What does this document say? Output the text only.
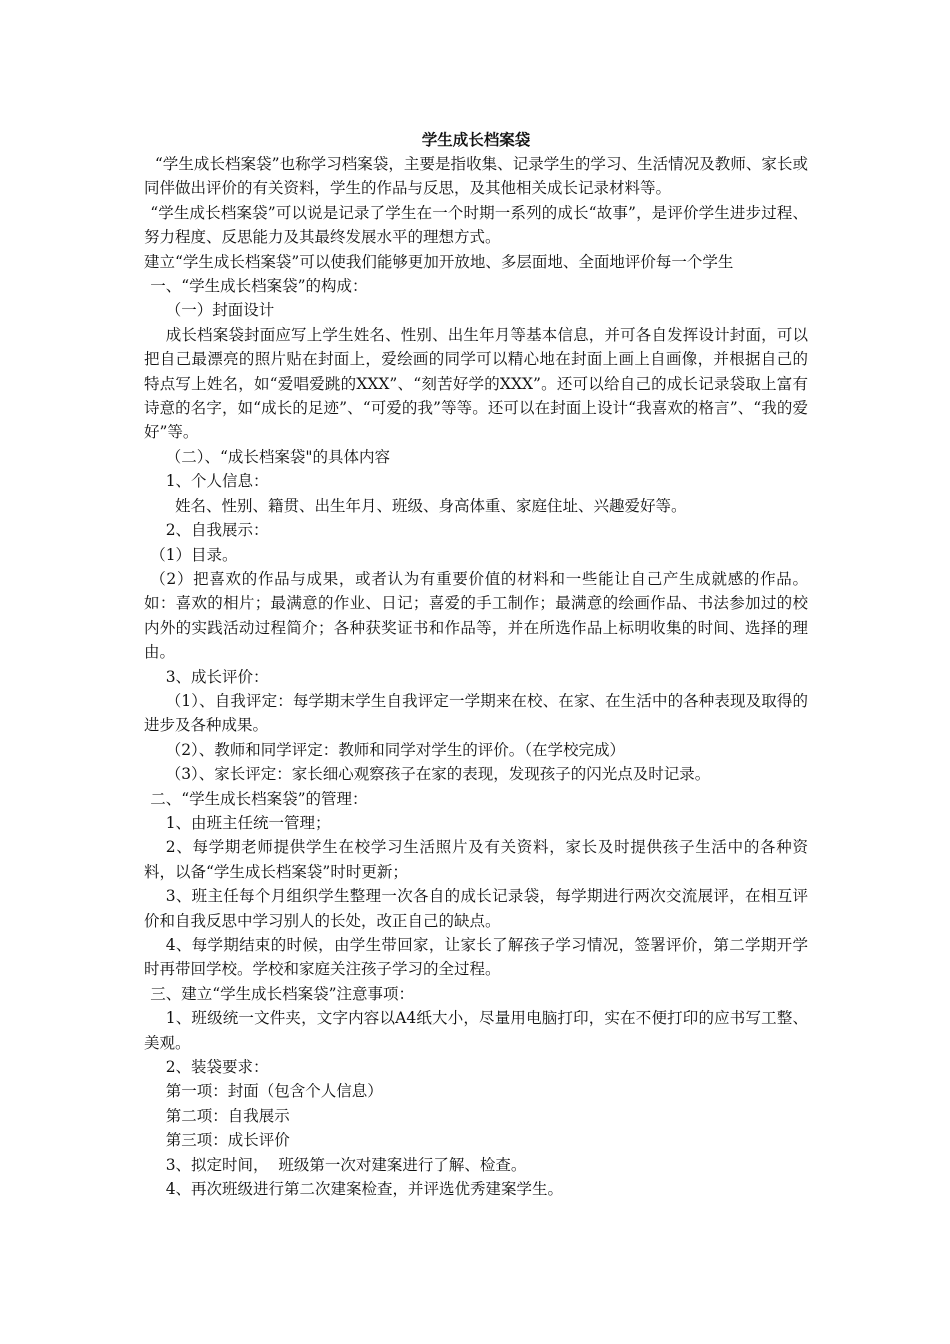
学生成长档案袋

“学生成长档案袋”也称学习档案袋，主要是指收集、记录学生的学习、生活情况及教师、家长或同伴做出评价的有关资料，学生的作品与反思，及其他相关成长记录材料等。

“学生成长档案袋”可以说是记录了学生在一个时期一系列的成长“故事”，是评价学生进步过程、努力程度、反思能力及其最终发展水平的理想方式。

建立“学生成长档案袋”可以使我们能够更加开放地、多层面地、全面地评价每一个学生

一、“学生成长档案袋”的构成：

（一）封面设计

成长档案袋封面应写上学生姓名、性别、出生年月等基本信息，并可各自发挥设计封面，可以把自己最漂亮的照片贴在封面上，爱绘画的同学可以精心地在封面上画上自画像，并根据自己的特点写上姓名，如“爱唱爱跳的XXX”、“刻苦好学的XXX”。还可以给自己的成长记录袋取上富有诗意的名字，如“成长的足迹”、“可爱的我”等等。还可以在封面上设计“我喜欢的格言”、“我的爱好”等。

（二）、“成长档案袋"的具体内容

1、个人信息：

姓名、性别、籍贯、出生年月、班级、身高体重、家庭住址、兴趣爱好等。

2、自我展示：

（1）目录。

（2）把喜欢的作品与成果，或者认为有重要价值的材料和一些能让自己产生成就感的作品。如：喜欢的相片；最满意的作业、日记；喜爱的手工制作；最满意的绘画作品、书法参加过的校内外的实践活动过程简介；各种获奖证书和作品等，并在所选作品上标明收集的时间、选择的理由。

3、成长评价：

（1）、自我评定：每学期末学生自我评定一学期来在校、在家、在生活中的各种表现及取得的进步及各种成果。

（2）、教师和同学评定：教师和同学对学生的评价。（在学校完成）

（3）、家长评定：家长细心观察孩子在家的表现，发现孩子的闪光点及时记录。

二、“学生成长档案袋”的管理：

1、由班主任统一管理；

2、每学期老师提供学生在校学习生活照片及有关资料，家长及时提供孩子生活中的各种资料，以备“学生成长档案袋”时时更新；

3、班主任每个月组织学生整理一次各自的成长记录袋，每学期进行两次交流展评，在相互评价和自我反思中学习别人的长处，改正自己的缺点。

4、每学期结束的时候，由学生带回家，让家长了解孩子学习情况，签署评价，第二学期开学时再带回学校。学校和家庭关注孩子学习的全过程。

三、建立“学生成长档案袋”注意事项：

1、班级统一文件夹，文字内容以A4纸大小，尽量用电脑打印，实在不便打印的应书写工整、美观。

2、装袋要求：

第一项：封面（包含个人信息）

第二项：自我展示

第三项：成长评价

3、拟定时间，  班级第一次对建案进行了解、检查。

4、再次班级进行第二次建案检查，并评选优秀建案学生。
